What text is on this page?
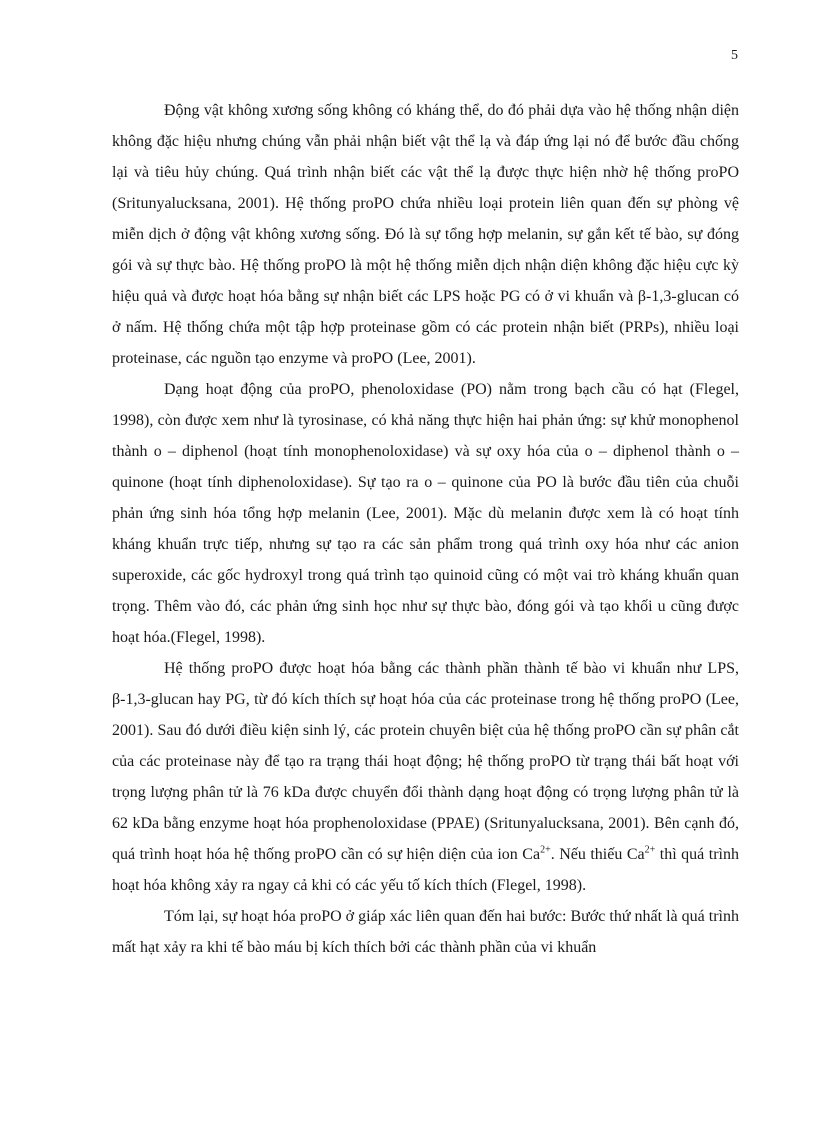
5

Động vật không xương sống không có kháng thể, do đó phải dựa vào hệ thống nhận diện không đặc hiệu nhưng chúng vẫn phải nhận biết vật thể lạ và đáp ứng lại nó để bước đầu chống lại và tiêu hủy chúng. Quá trình nhận biết các vật thể lạ được thực hiện nhờ hệ thống proPO (Sritunyalucksana, 2001). Hệ thống proPO chứa nhiều loại protein liên quan đến sự phòng vệ miễn dịch ở động vật không xương sống. Đó là sự tổng hợp melanin, sự gắn kết tế bào, sự đóng gói và sự thực bào. Hệ thống proPO là một hệ thống miễn dịch nhận diện không đặc hiệu cực kỳ hiệu quả và được hoạt hóa bằng sự nhận biết các LPS hoặc PG có ở vi khuẩn và β-1,3-glucan có ở nấm. Hệ thống chứa một tập hợp proteinase gồm có các protein nhận biết (PRPs), nhiều loại proteinase, các nguồn tạo enzyme và proPO (Lee, 2001).

Dạng hoạt động của proPO, phenoloxidase (PO) nằm trong bạch cầu có hạt (Flegel, 1998), còn được xem như là tyrosinase, có khả năng thực hiện hai phản ứng: sự khử monophenol thành o – diphenol (hoạt tính monophenoloxidase) và sự oxy hóa của o – diphenol thành o – quinone (hoạt tính diphenoloxidase). Sự tạo ra o – quinone của PO là bước đầu tiên của chuỗi phản ứng sinh hóa tổng hợp melanin (Lee, 2001). Mặc dù melanin được xem là có hoạt tính kháng khuẩn trực tiếp, nhưng sự tạo ra các sản phẩm trong quá trình oxy hóa như các anion superoxide, các gốc hydroxyl trong quá trình tạo quinoid cũng có một vai trò kháng khuẩn quan trọng. Thêm vào đó, các phản ứng sinh học như sự thực bào, đóng gói và tạo khối u cũng được hoạt hóa.(Flegel, 1998).

Hệ thống proPO được hoạt hóa bằng các thành phần thành tế bào vi khuẩn như LPS, β-1,3-glucan hay PG, từ đó kích thích sự hoạt hóa của các proteinase trong hệ thống proPO (Lee, 2001). Sau đó dưới điều kiện sinh lý, các protein chuyên biệt của hệ thống proPO cần sự phân cắt của các proteinase này để tạo ra trạng thái hoạt động; hệ thống proPO từ trạng thái bất hoạt với trọng lượng phân tử là 76 kDa được chuyển đổi thành dạng hoạt động có trọng lượng phân tử là 62 kDa bằng enzyme hoạt hóa prophenoloxidase (PPAE) (Sritunyalucksana, 2001). Bên cạnh đó, quá trình hoạt hóa hệ thống proPO cần có sự hiện diện của ion $Ca^{2+}$. Nếu thiếu $Ca^{2+}$ thì quá trình hoạt hóa không xảy ra ngay cả khi có các yếu tố kích thích (Flegel, 1998).

Tóm lại, sự hoạt hóa proPO ở giáp xác liên quan đến hai bước: Bước thứ nhất là quá trình mất hạt xảy ra khi tế bào máu bị kích thích bởi các thành phần của vi khuẩn
